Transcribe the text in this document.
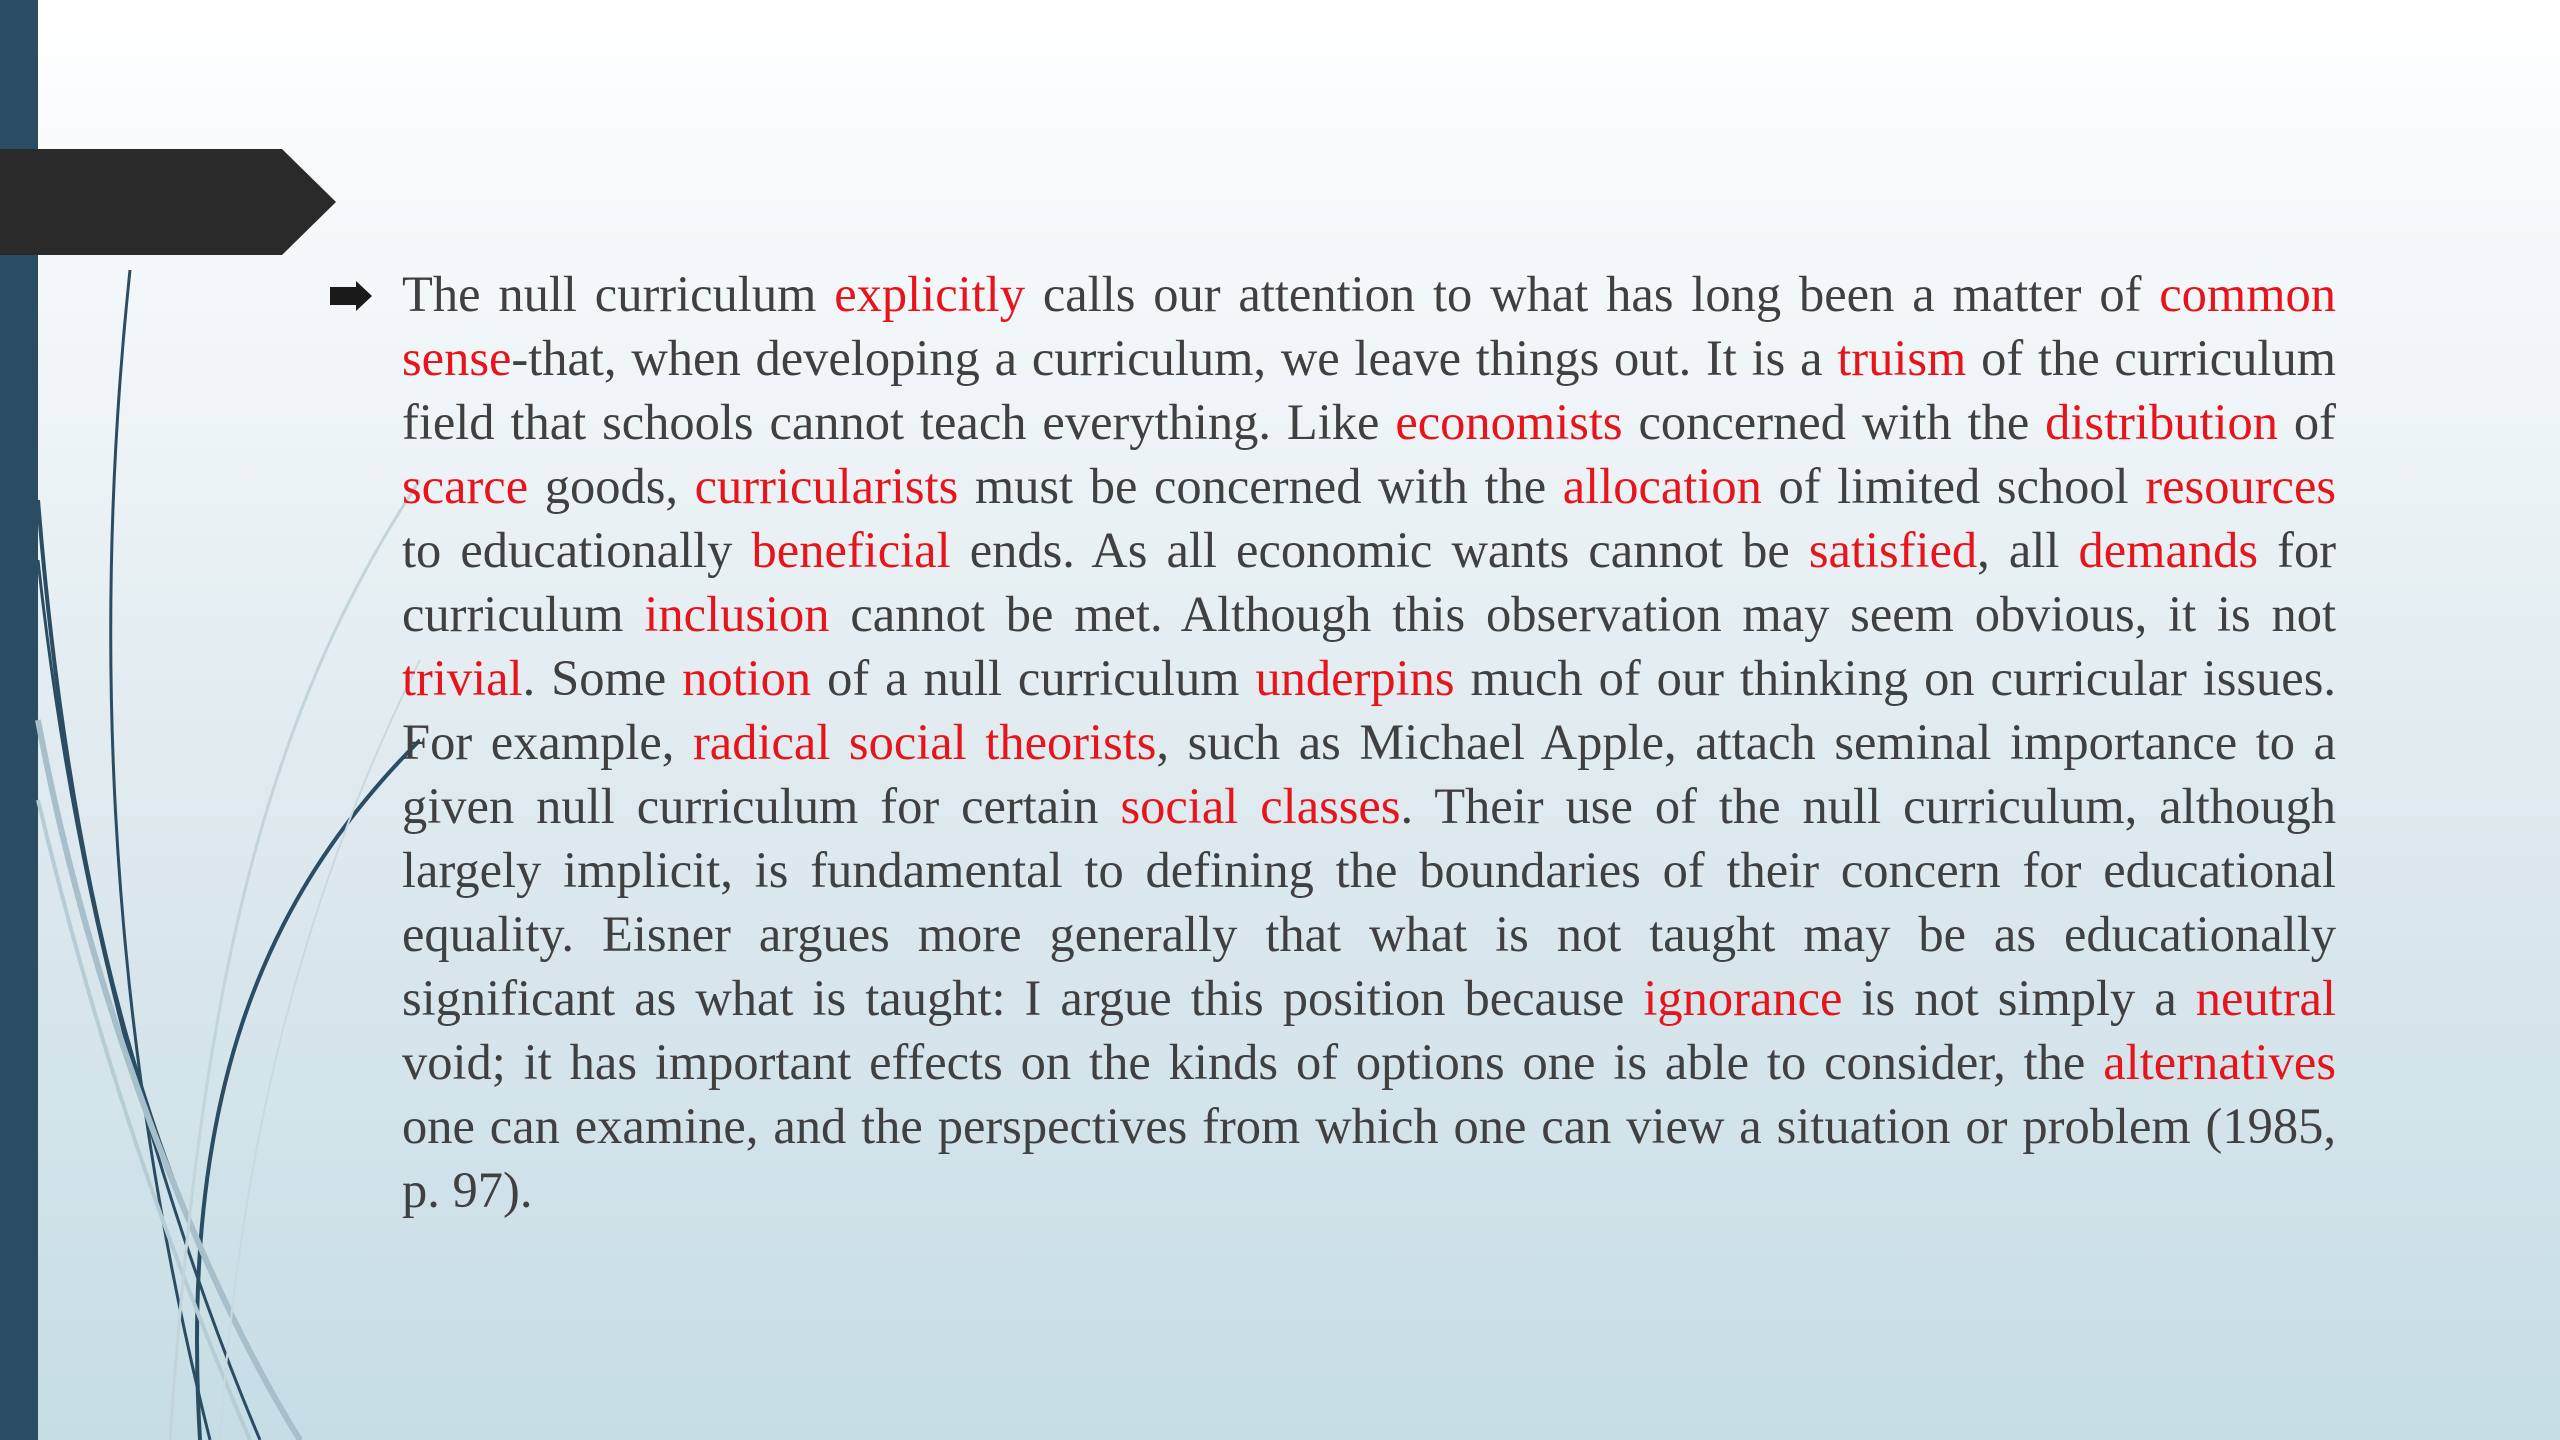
The null curriculum explicitly calls our attention to what has long been a matter of common sense-that, when developing a curriculum, we leave things out. It is a truism of the curriculum field that schools cannot teach everything. Like economists concerned with the distribution of scarce goods, curricularists must be concerned with the allocation of limited school resources to educationally beneficial ends. As all economic wants cannot be satisfied, all demands for curriculum inclusion cannot be met. Although this observation may seem obvious, it is not trivial. Some notion of a null curriculum underpins much of our thinking on curricular issues. For example, radical social theorists, such as Michael Apple, attach seminal importance to a given null curriculum for certain social classes. Their use of the null curriculum, although largely implicit, is fundamental to defining the boundaries of their concern for educational equality. Eisner argues more generally that what is not taught may be as educationally significant as what is taught: I argue this position because ignorance is not simply a neutral void; it has important effects on the kinds of options one is able to consider, the alternatives one can examine, and the perspectives from which one can view a situation or problem (1985, p. 97).
